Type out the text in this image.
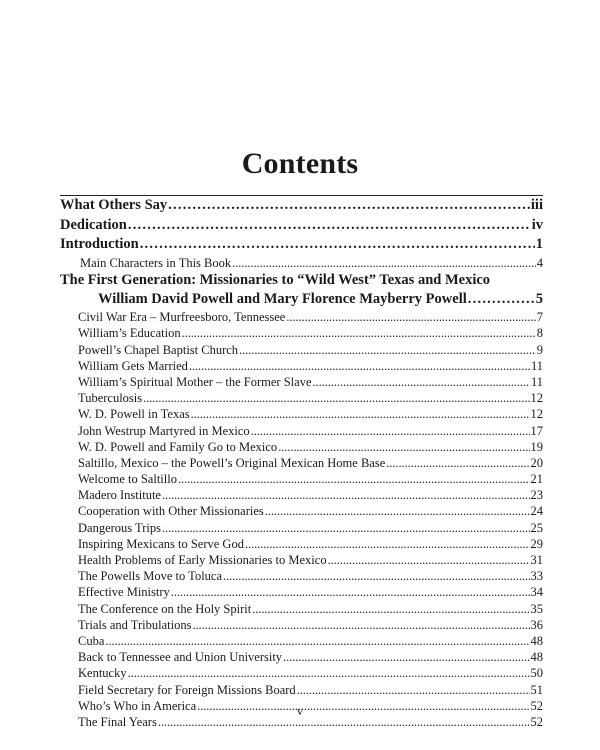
Contents
What Others Say . . .	iii
Dedication . . .	iv
Introduction . . .	1
Main Characters in This Book . . .	4
The First Generation: Missionaries to “Wild West” Texas and Mexico
William David Powell and Mary Florence Mayberry Powell . . .	5
Civil War Era – Murfreesboro, Tennessee . . .	7
William’s Education . . .	8
Powell’s Chapel Baptist Church . . .	9
William Gets Married . . .	11
William’s Spiritual Mother – the Former Slave . . .	11
Tuberculosis . . .	12
W. D. Powell in Texas . . .	12
John Westrup Martyred in Mexico . . .	17
W. D. Powell and Family Go to Mexico . . .	19
Saltillo, Mexico – the Powell’s Original Mexican Home Base . . .	20
Welcome to Saltillo . . .	21
Madero Institute . . .	23
Cooperation with Other Missionaries . . .	24
Dangerous Trips . . .	25
Inspiring Mexicans to Serve God . . .	29
Health Problems of Early Missionaries to Mexico . . .	31
The Powells Move to Toluca . . .	33
Effective Ministry . . .	34
The Conference on the Holy Spirit . . .	35
Trials and Tribulations . . .	36
Cuba . . .	48
Back to Tennessee and Union University . . .	48
Kentucky . . .	50
Field Secretary for Foreign Missions Board . . .	51
Who’s Who in America . . .	52
The Final Years . . .	52
v
